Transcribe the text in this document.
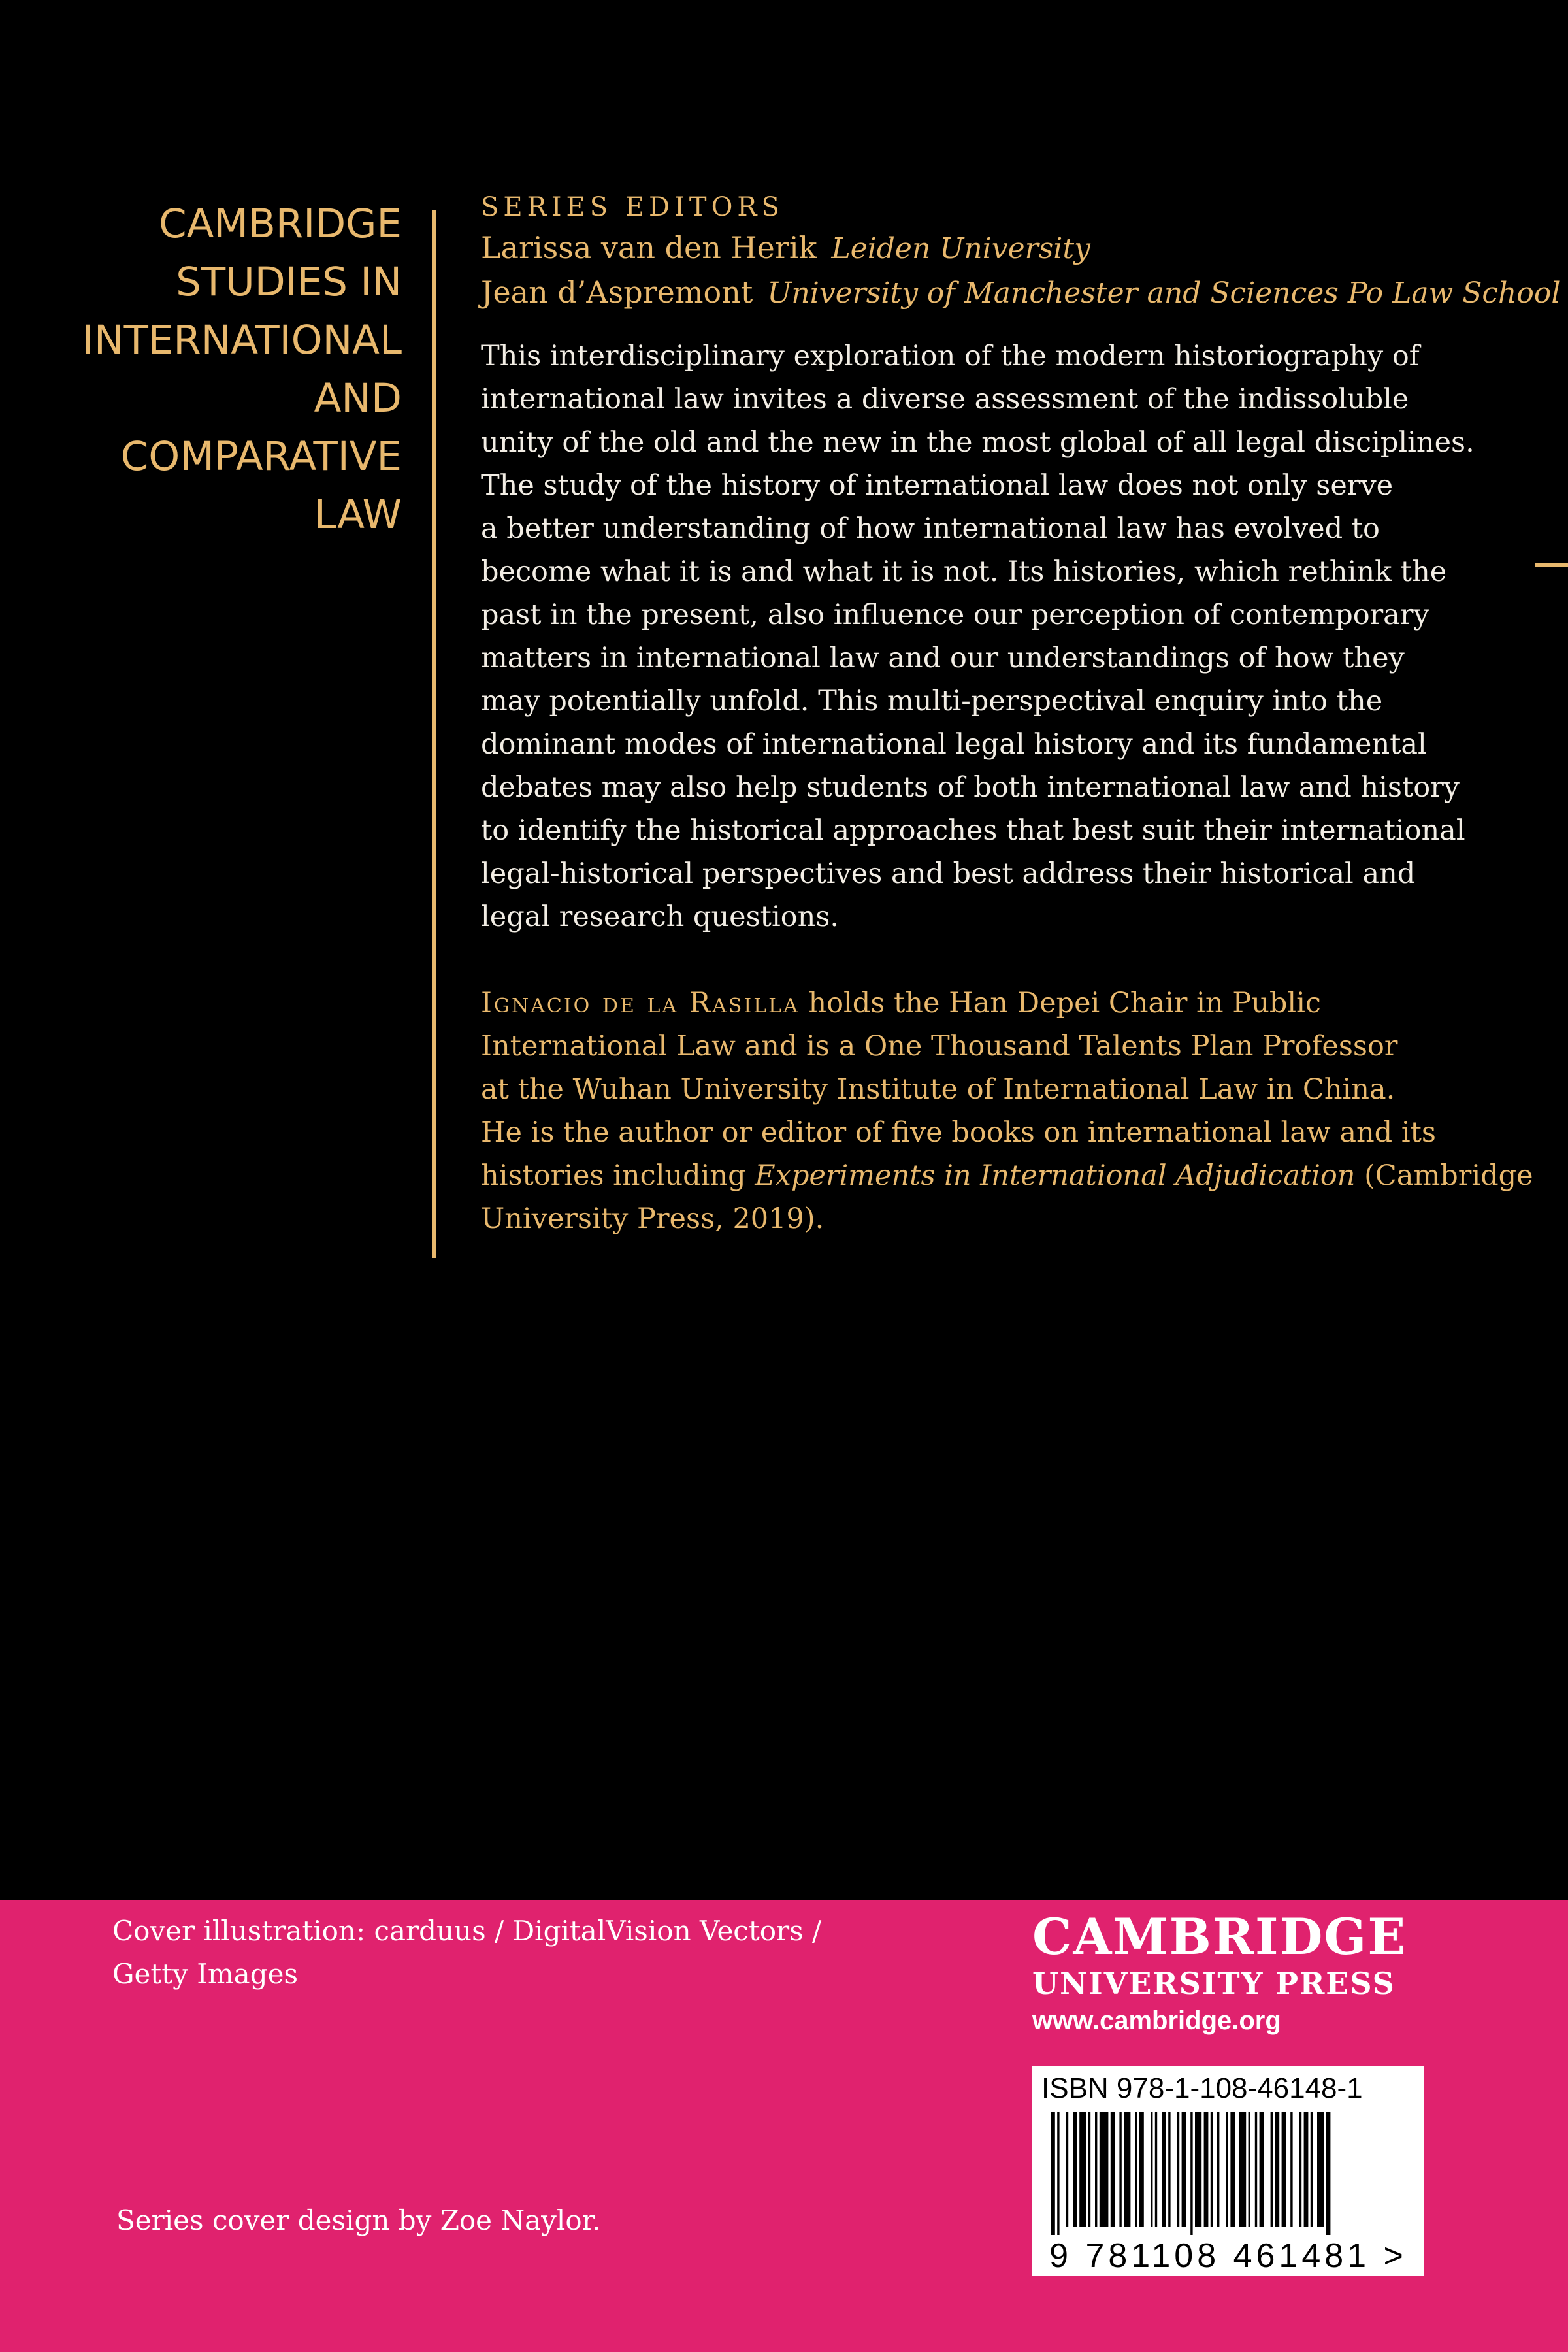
CAMBRIDGE
STUDIES IN
INTERNATIONAL
AND
COMPARATIVE
LAW
SERIES EDITORS
Larissa van den Herik Leiden University
Jean d’Aspremont University of Manchester and Sciences Po Law School
This interdisciplinary exploration of the modern historiography of
international law invites a diverse assessment of the indissoluble
unity of the old and the new in the most global of all legal disciplines.
The study of the history of international law does not only serve
a better understanding of how international law has evolved to
become what it is and what it is not. Its histories, which rethink the
past in the present, also influence our perception of contemporary
matters in international law and our understandings of how they
may potentially unfold. This multi-perspectival enquiry into the
dominant modes of international legal history and its fundamental
debates may also help students of both international law and history
to identify the historical approaches that best suit their international
legal-historical perspectives and best address their historical and
legal research questions.
Ignacio de la Rasilla holds the Han Depei Chair in Public
International Law and is a One Thousand Talents Plan Professor
at the Wuhan University Institute of International Law in China.
He is the author or editor of five books on international law and its
histories including Experiments in International Adjudication (Cambridge
University Press, 2019).
Cover illustration: carduus / DigitalVision Vectors /
Getty Images
Series cover design by Zoe Naylor.
CAMBRIDGE
UNIVERSITY PRESS
www.cambridge.org
ISBN 978-1-108-46148-1
9 781108 461481 >
